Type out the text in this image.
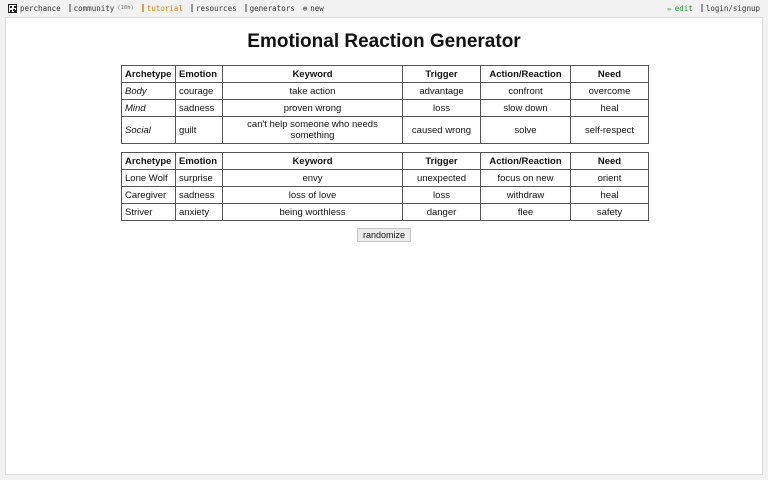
perchance community (10h) tutorial resources generators ⊕ new	✏ edit login/signup
Emotional Reaction Generator
Archetype	Emotion	Keyword	Trigger	Action/Reaction	Need
Body	courage	take action	advantage	confront	overcome
Mind	sadness	proven wrong	loss	slow down	heal
Social	guilt	can't help someone who needs something	caused wrong	solve	self-respect
Archetype	Emotion	Keyword	Trigger	Action/Reaction	Need
Lone Wolf	surprise	envy	unexpected	focus on new	orient
Caregiver	sadness	loss of love	loss	withdraw	heal
Striver	anxiety	being worthless	danger	flee	safety
randomize
